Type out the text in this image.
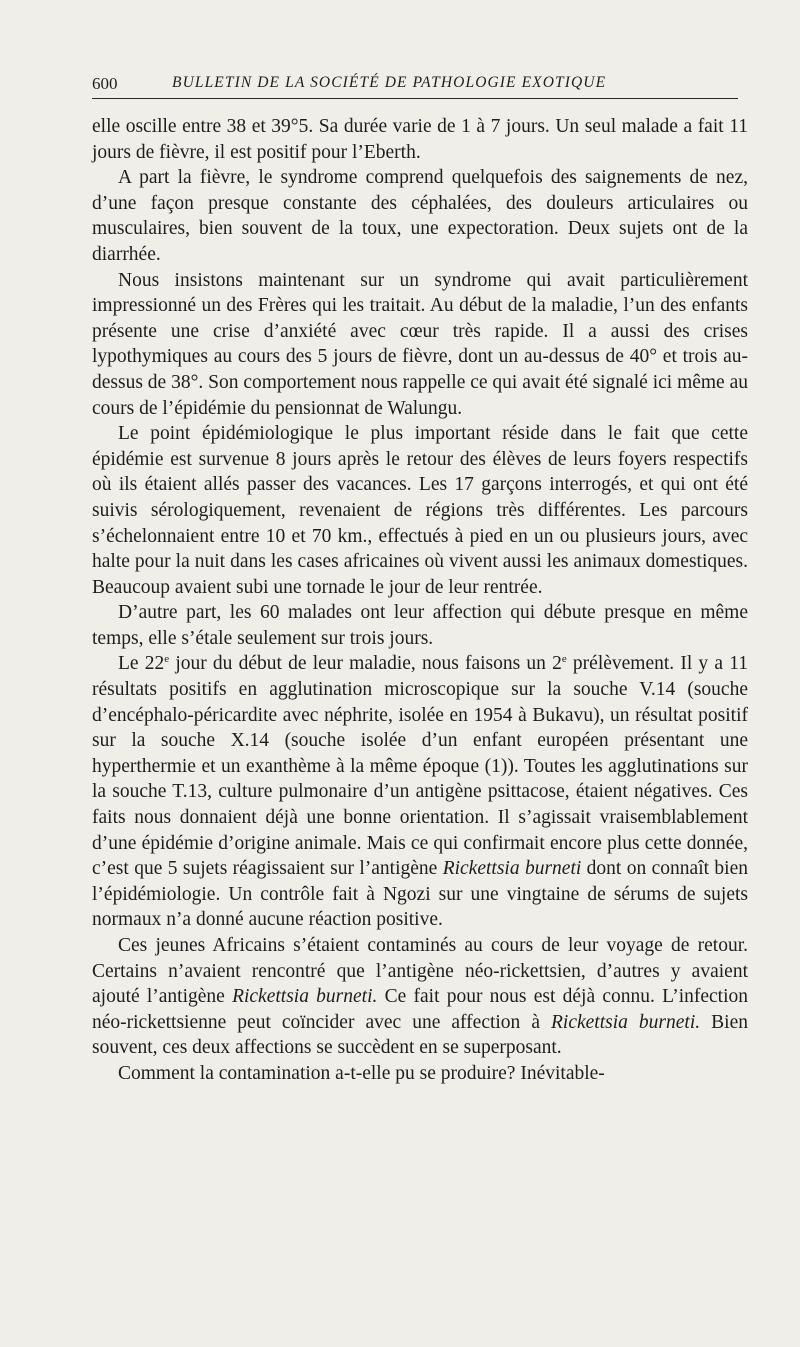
600	BULLETIN DE LA SOCIÉTÉ DE PATHOLOGIE EXOTIQUE

elle oscille entre 38 et 39°5. Sa durée varie de 1 à 7 jours. Un seul malade a fait 11 jours de fièvre, il est positif pour l’Eberth.

A part la fièvre, le syndrome comprend quelquefois des saignements de nez, d’une façon presque constante des céphalées, des douleurs articulaires ou musculaires, bien souvent de la toux, une expectoration. Deux sujets ont de la diarrhée.

Nous insistons maintenant sur un syndrome qui avait particulièrement impressionné un des Frères qui les traitait. Au début de la maladie, l’un des enfants présente une crise d’anxiété avec cœur très rapide. Il a aussi des crises lypothymiques au cours des 5 jours de fièvre, dont un au-dessus de 40° et trois au-dessus de 38°. Son comportement nous rappelle ce qui avait été signalé ici même au cours de l’épidémie du pensionnat de Walungu.

Le point épidémiologique le plus important réside dans le fait que cette épidémie est survenue 8 jours après le retour des élèves de leurs foyers respectifs où ils étaient allés passer des vacances. Les 17 garçons interrogés, et qui ont été suivis sérologiquement, revenaient de régions très différentes. Les parcours s’échelonnaient entre 10 et 70 km., effectués à pied en un ou plusieurs jours, avec halte pour la nuit dans les cases africaines où vivent aussi les animaux domestiques. Beaucoup avaient subi une tornade le jour de leur rentrée.

D’autre part, les 60 malades ont leur affection qui débute presque en même temps, elle s’étale seulement sur trois jours.

Le 22e jour du début de leur maladie, nous faisons un 2e prélèvement. Il y a 11 résultats positifs en agglutination microscopique sur la souche V.14 (souche d’encéphalo-péricardite avec néphrite, isolée en 1954 à Bukavu), un résultat positif sur la souche X.14 (souche isolée d’un enfant européen présentant une hyperthermie et un exanthème à la même époque (1)). Toutes les agglutinations sur la souche T.13, culture pulmonaire d’un antigène psittacose, étaient négatives. Ces faits nous donnaient déjà une bonne orientation. Il s’agissait vraisemblablement d’une épidémie d’origine animale. Mais ce qui confirmait encore plus cette donnée, c’est que 5 sujets réagissaient sur l’antigène Rickettsia burneti dont on connaît bien l’épidémiologie. Un contrôle fait à Ngozi sur une vingtaine de sérums de sujets normaux n’a donné aucune réaction positive.

Ces jeunes Africains s’étaient contaminés au cours de leur voyage de retour. Certains n’avaient rencontré que l’antigène néo-rickettsien, d’autres y avaient ajouté l’antigène Rickettsia burneti. Ce fait pour nous est déjà connu. L’infection néo-rickettsienne peut coïncider avec une affection à Rickettsia burneti. Bien souvent, ces deux affections se succèdent en se superposant.

Comment la contamination a-t-elle pu se produire? Inévitable-
